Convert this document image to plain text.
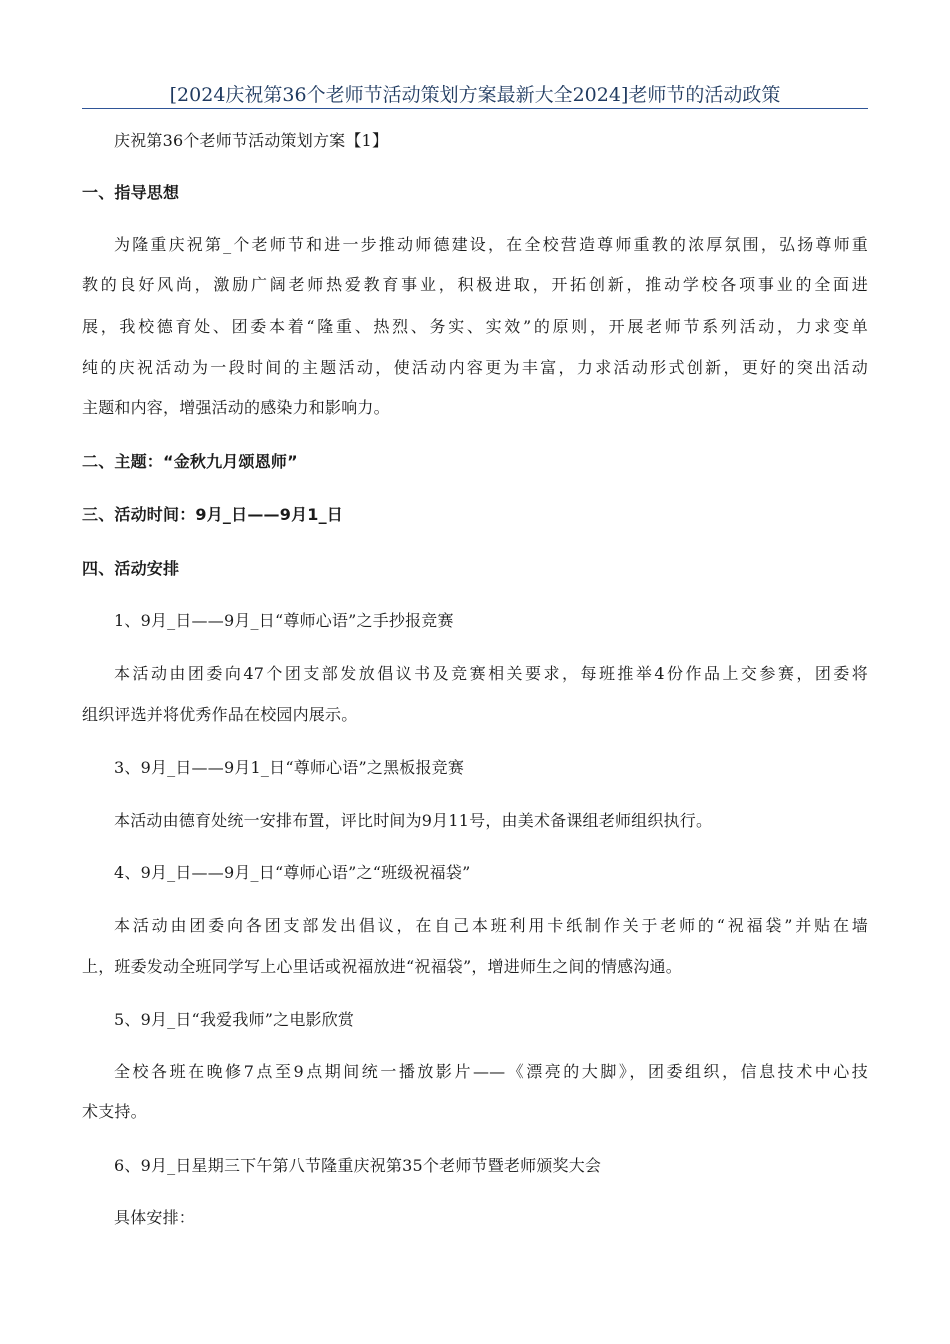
[2024庆祝第36个老师节活动策划方案最新大全2024]老师节的活动政策
庆祝第36个老师节活动策划方案【1】
一、指导思想
为隆重庆祝第_个老师节和进一步推动师德建设，在全校营造尊师重教的浓厚氛围，弘扬尊师重
教的良好风尚，激励广阔老师热爱教育事业，积极进取，开拓创新，推动学校各项事业的全面进
展，我校德育处、团委本着“隆重、热烈、务实、实效”的原则，开展老师节系列活动，力求变单
纯的庆祝活动为一段时间的主题活动，使活动内容更为丰富，力求活动形式创新，更好的突出活动
主题和内容，增强活动的感染力和影响力。
二、主题：“金秋九月颂恩师”
三、活动时间：9月_日——9月1_日
四、活动安排
1、9月_日——9月_日“尊师心语”之手抄报竞赛
本活动由团委向47个团支部发放倡议书及竞赛相关要求，每班推举4份作品上交参赛，团委将
组织评选并将优秀作品在校园内展示。
3、9月_日——9月1_日“尊师心语”之黑板报竞赛
本活动由德育处统一安排布置，评比时间为9月11号，由美术备课组老师组织执行。
4、9月_日——9月_日“尊师心语”之“班级祝福袋”
本活动由团委向各团支部发出倡议，在自己本班利用卡纸制作关于老师的“祝福袋”并贴在墙
上，班委发动全班同学写上心里话或祝福放进“祝福袋”，增进师生之间的情感沟通。
5、9月_日“我爱我师”之电影欣赏
全校各班在晚修7点至9点期间统一播放影片——《漂亮的大脚》，团委组织，信息技术中心技
术支持。
6、9月_日星期三下午第八节隆重庆祝第35个老师节暨老师颁奖大会
具体安排：
